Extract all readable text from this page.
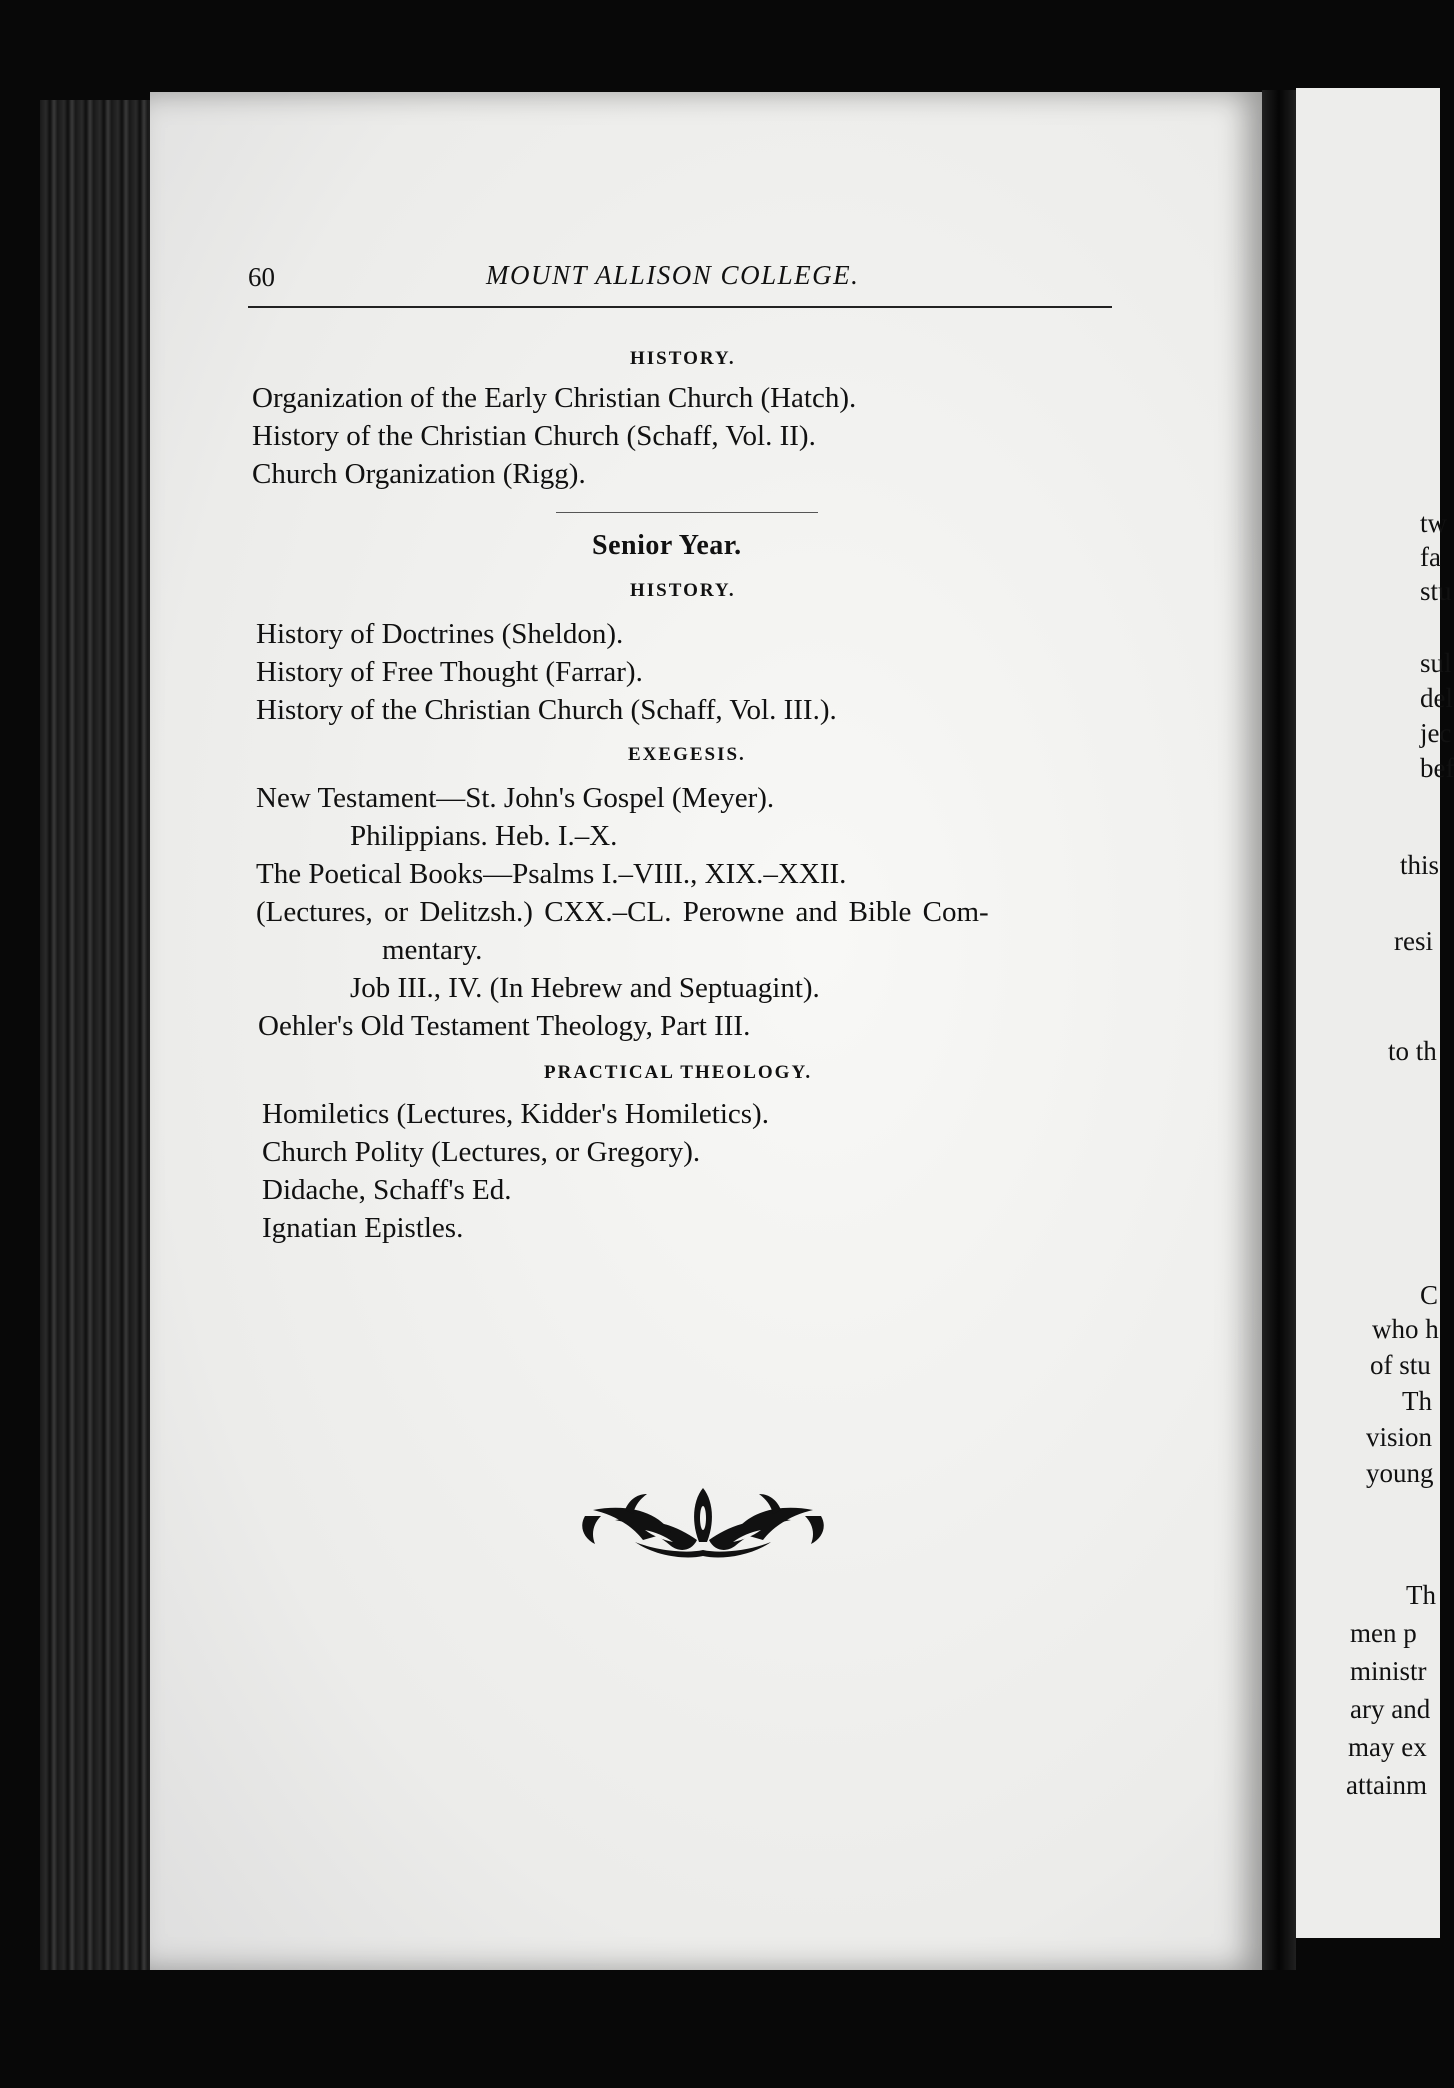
tw
fa
stu
sul
del
jec
bef
this
resi
to th
C
who h
of stu
Th
vision
young
Th
men p
ministr
ary and
may ex
attainm
60	MOUNT ALLISON COLLEGE.
HISTORY.
Organization of the Early Christian Church (Hatch).
History of the Christian Church (Schaff, Vol. II).
Church Organization (Rigg).
Senior Year.
HISTORY.
History of Doctrines (Sheldon).
History of Free Thought (Farrar).
History of the Christian Church (Schaff, Vol. III.).
EXEGESIS.
New Testament—St. John's Gospel (Meyer).
Philippians. Heb. I.–X.
The Poetical Books—Psalms I.–VIII., XIX.–XXII.
(Lectures, or Delitzsh.) CXX.–CL. Perowne and Bible Com-
mentary.
Job III., IV. (In Hebrew and Septuagint).
Oehler's Old Testament Theology, Part III.
PRACTICAL THEOLOGY.
Homiletics (Lectures, Kidder's Homiletics).
Church Polity (Lectures, or Gregory).
Didache, Schaff's Ed.
Ignatian Epistles.
